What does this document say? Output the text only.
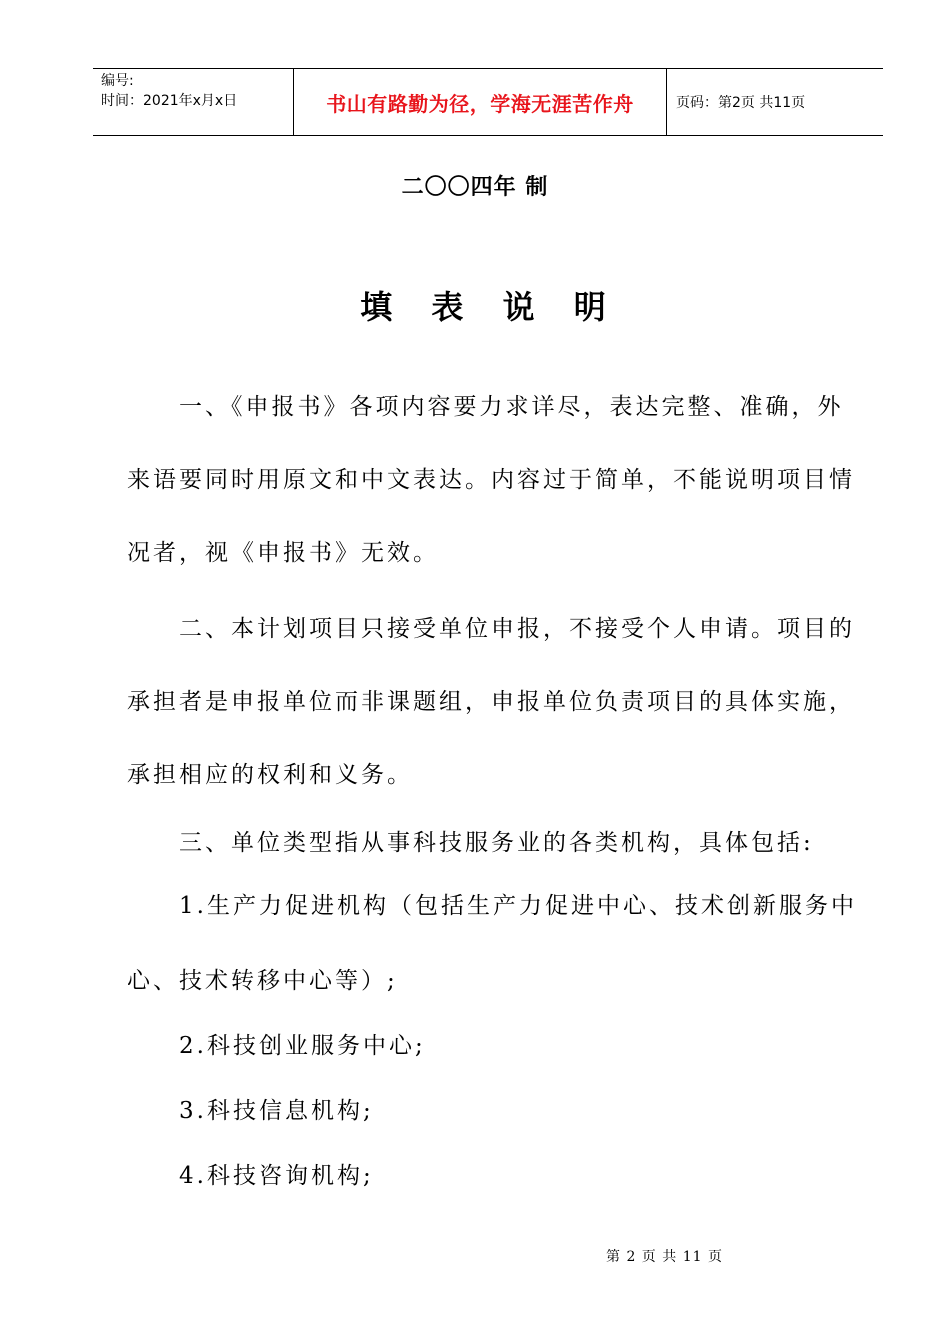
编号:
时间：2021年x月x日	书山有路勤为径，学海无涯苦作舟	页码：第2页 共11页
二〇〇四年 制
填 表 说 明
　　一、《申报书》各项内容要力求详尽，表达完整、准确，外
来语要同时用原文和中文表达。内容过于简单，不能说明项目情
况者，视《申报书》无效。
　　二、本计划项目只接受单位申报，不接受个人申请。项目的
承担者是申报单位而非课题组，申报单位负责项目的具体实施，
承担相应的权利和义务。
　　三、单位类型指从事科技服务业的各类机构，具体包括:
　　1.生产力促进机构（包括生产力促进中心、技术创新服务中
心、技术转移中心等）;
　　2.科技创业服务中心;
　　3.科技信息机构;
　　4.科技咨询机构;
第 2 页 共 11 页
